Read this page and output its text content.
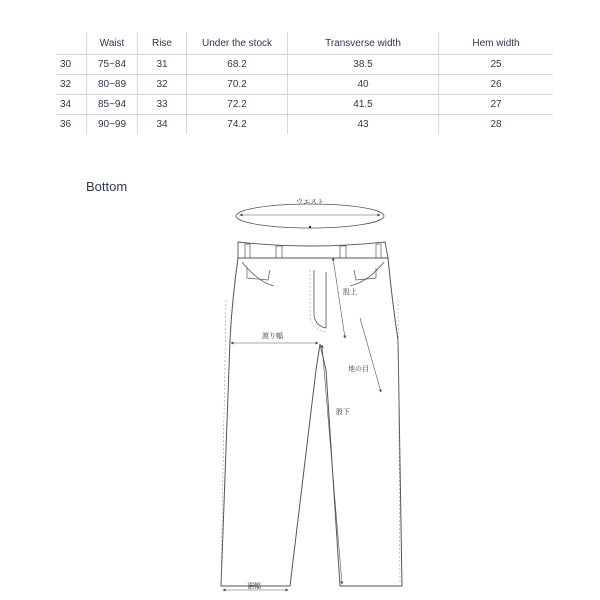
	Waist	Rise	Under the stock	Transverse width	Hem width
30	75~84	31	68.2	38.5	25
32	80~89	32	70.2	40	26
34	85~94	33	72.2	41.5	27
36	90~99	34	74.2	43	28
Bottom
股上
渡り幅
地の目
股下
裾幅
ウエスト
